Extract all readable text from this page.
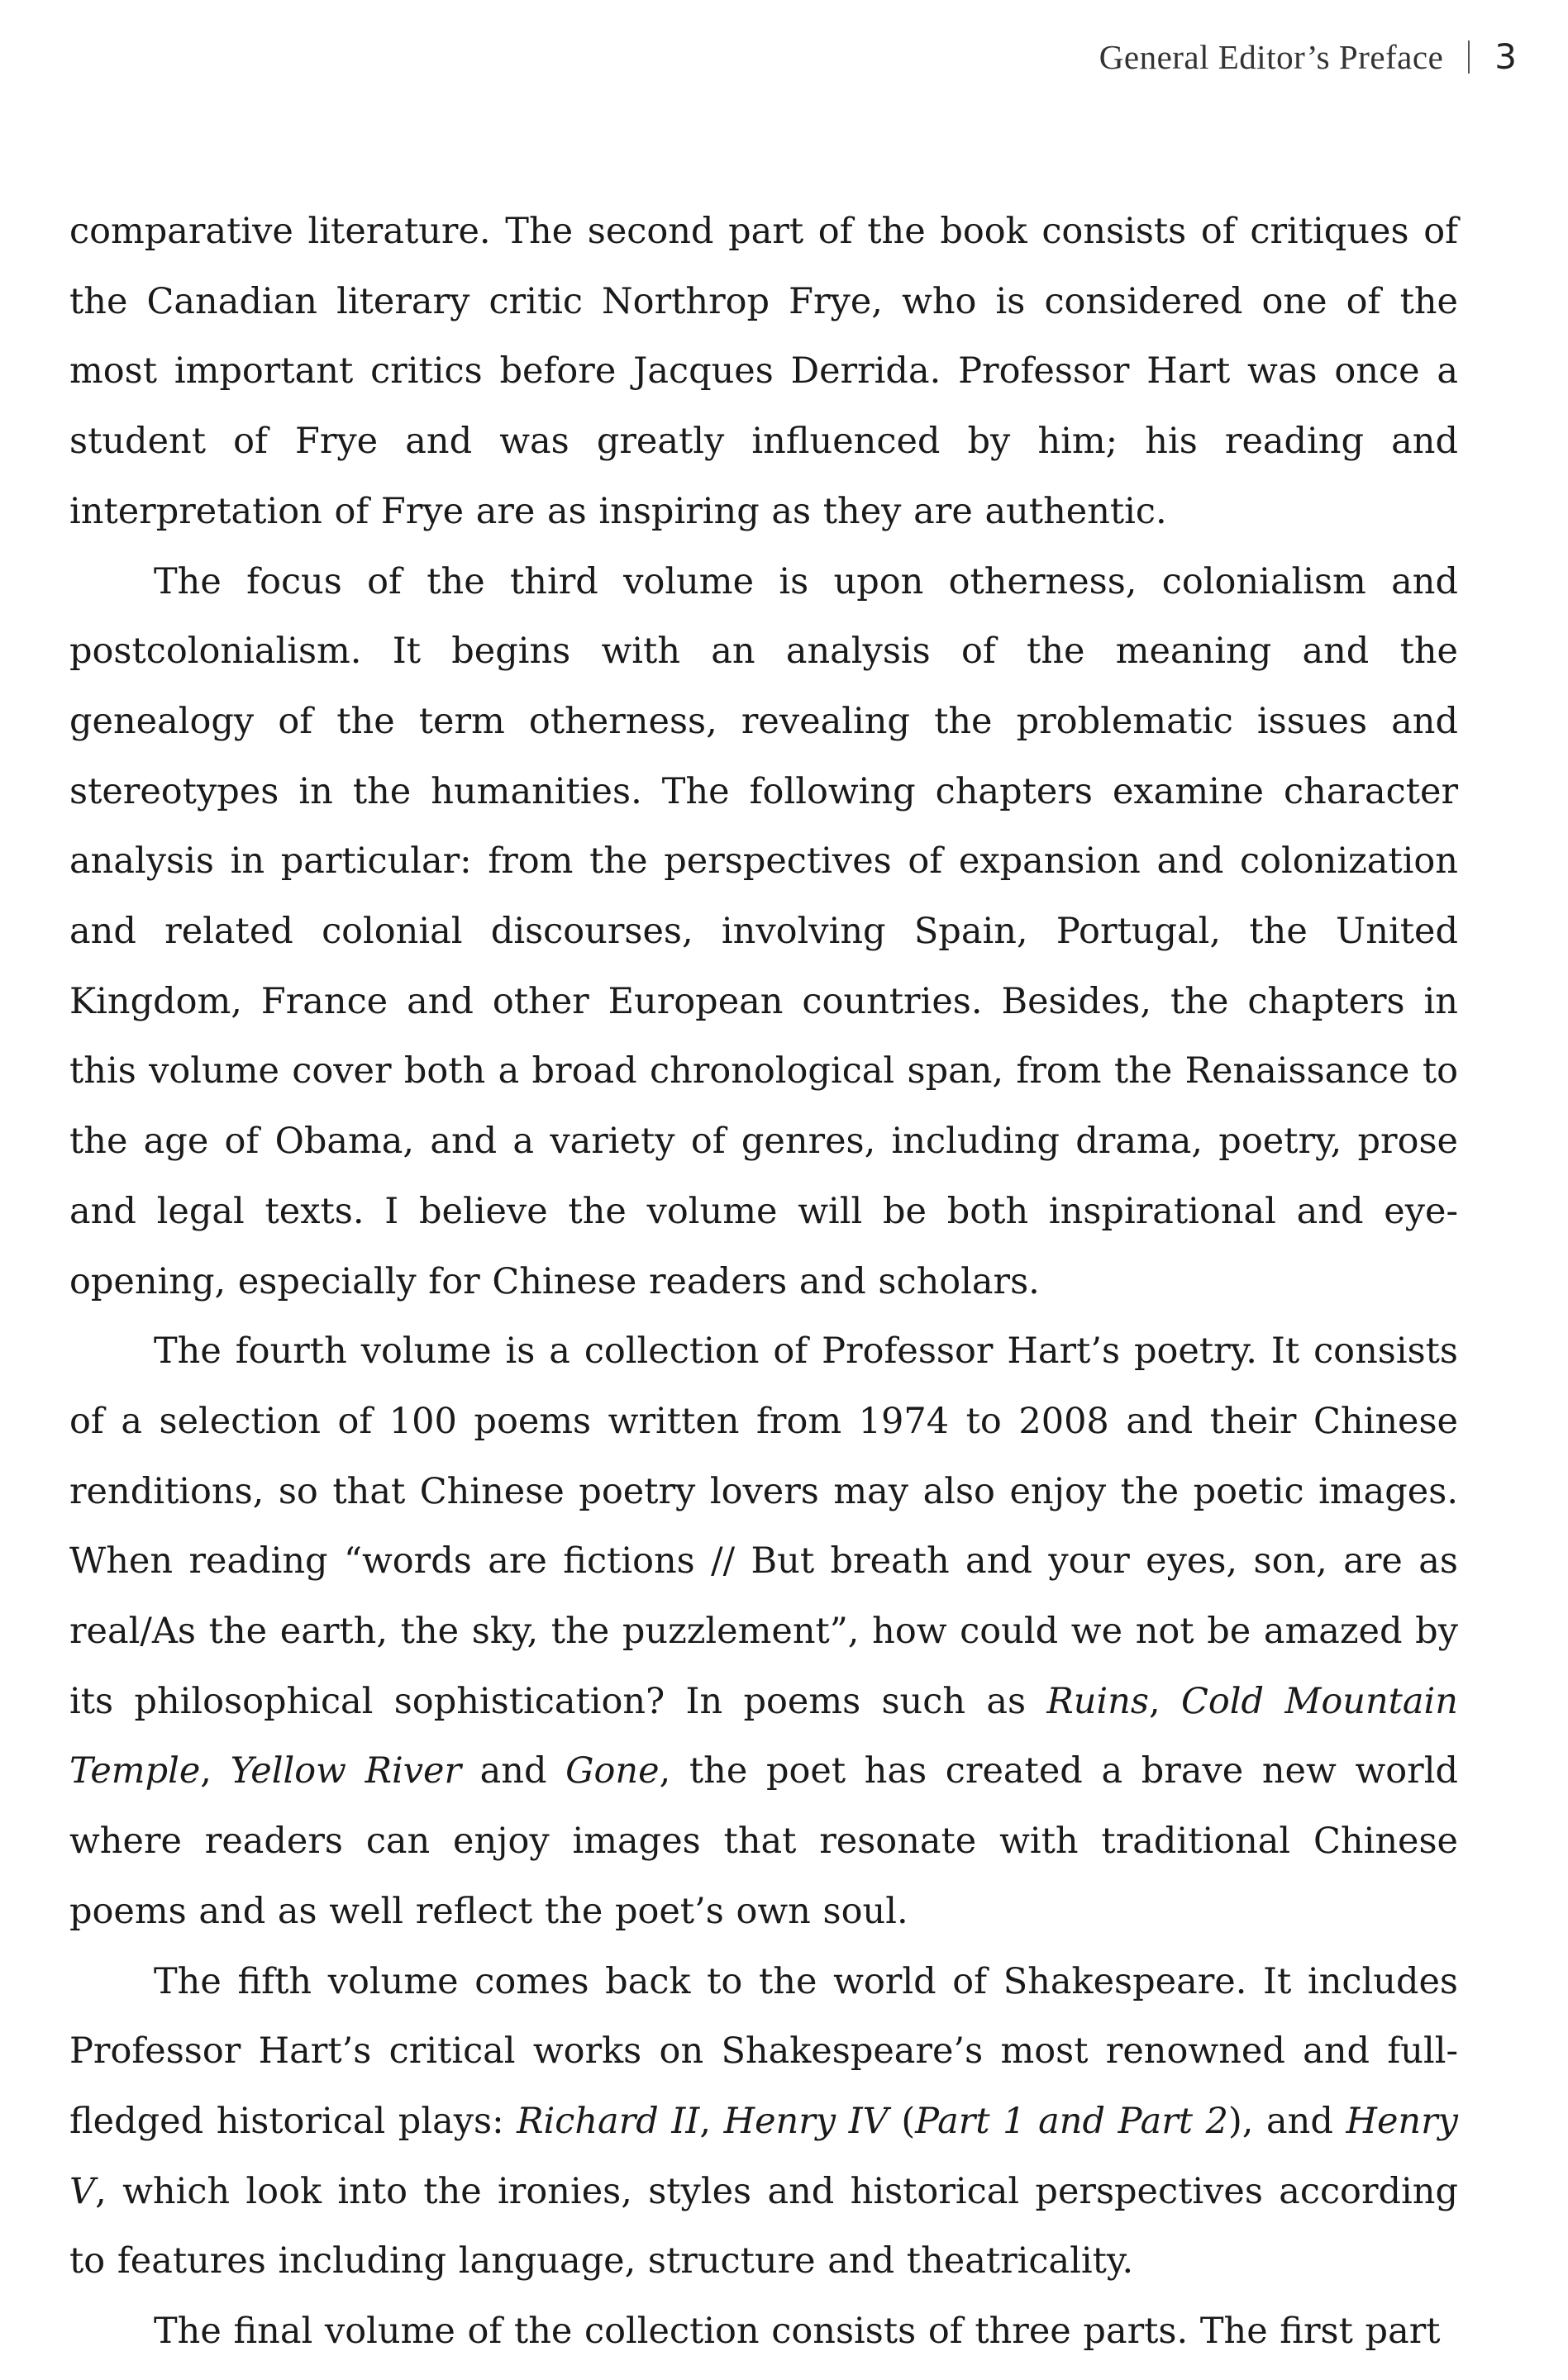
General Editor’s Preface 3

comparative literature. The second part of the book consists of critiques of the Canadian literary critic Northrop Frye, who is considered one of the most important critics before Jacques Derrida. Professor Hart was once a student of Frye and was greatly influenced by him; his reading and interpretation of Frye are as inspiring as they are authentic.

The focus of the third volume is upon otherness, colonialism and postcolonialism. It begins with an analysis of the meaning and the genealogy of the term otherness, revealing the problematic issues and stereotypes in the humanities. The following chapters examine character analysis in particular: from the perspectives of expansion and colonization and related colonial discourses, involving Spain, Portugal, the United Kingdom, France and other European countries. Besides, the chapters in this volume cover both a broad chronological span, from the Renaissance to the age of Obama, and a variety of genres, including drama, poetry, prose and legal texts. I believe the volume will be both inspirational and eye-opening, especially for Chinese readers and scholars.

The fourth volume is a collection of Professor Hart’s poetry. It consists of a selection of 100 poems written from 1974 to 2008 and their Chinese renditions, so that Chinese poetry lovers may also enjoy the poetic images. When reading “words are fictions // But breath and your eyes, son, are as real/As the earth, the sky, the puzzlement”, how could we not be amazed by its philosophical sophistication? In poems such as Ruins, Cold Mountain Temple, Yellow River and Gone, the poet has created a brave new world where readers can enjoy images that resonate with traditional Chinese poems and as well reflect the poet’s own soul.

The fifth volume comes back to the world of Shakespeare. It includes Professor Hart’s critical works on Shakespeare’s most renowned and full-fledged historical plays: Richard II, Henry IV (Part 1 and Part 2), and Henry V, which look into the ironies, styles and historical perspectives according to features including language, structure and theatricality.

The final volume of the collection consists of three parts. The first part
